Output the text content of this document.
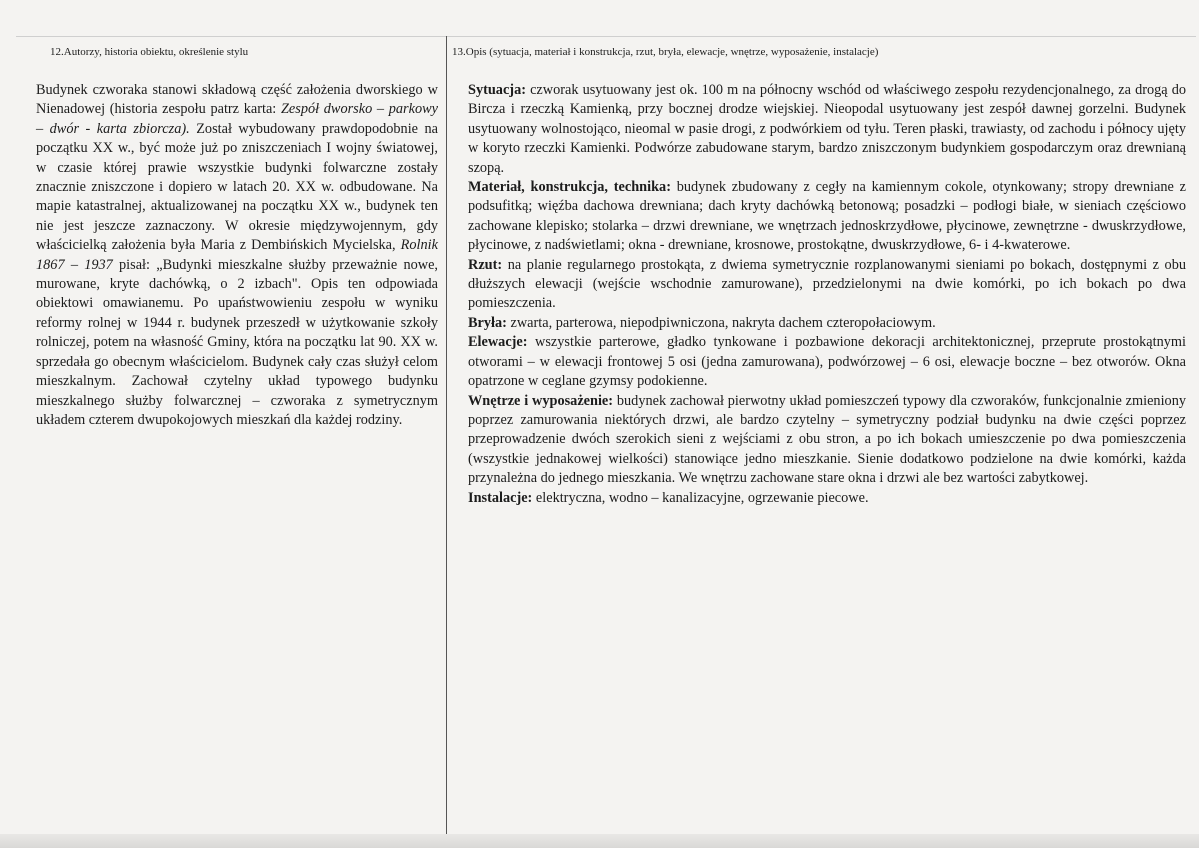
12.Autorzy, historia obiektu, określenie stylu	13.Opis (sytuacja, materiał i konstrukcja, rzut, bryła, elewacje, wnętrze, wyposażenie, instalacje)

Budynek czworaka stanowi składową część założenia dworskiego w Nienadowej (historia zespołu patrz karta: Zespół dworsko – parkowy – dwór - karta zbiorcza). Został wybudowany prawdopodobnie na początku XX w., być może już po zniszczeniach I wojny światowej, w czasie której prawie wszystkie budynki folwarczne zostały znacznie zniszczone i dopiero w latach 20. XX w. odbudowane. Na mapie katastralnej, aktualizowanej na początku XX w., budynek ten nie jest jeszcze zaznaczony. W okresie międzywojennym, gdy właścicielką założenia była Maria z Dembińskich Mycielska, Rolnik 1867 – 1937 pisał: „Budynki mieszkalne służby przeważnie nowe, murowane, kryte dachówką, o 2 izbach". Opis ten odpowiada obiektowi omawianemu. Po upaństwowieniu zespołu w wyniku reformy rolnej w 1944 r. budynek przeszedł w użytkowanie szkoły rolniczej, potem na własność Gminy, która na początku lat 90. XX w. sprzedała go obecnym właścicielom. Budynek cały czas służył celom mieszkalnym. Zachował czytelny układ typowego budynku mieszkalnego służby folwarcznej – czworaka z symetrycznym układem czterem dwupokojowych mieszkań dla każdej rodziny.

Sytuacja: czworak usytuowany jest ok. 100 m na północny wschód od właściwego zespołu rezydencjonalnego, za drogą do Bircza i rzeczką Kamienką, przy bocznej drodze wiejskiej. Nieopodal usytuowany jest zespół dawnej gorzelni. Budynek usytuowany wolnostojąco, nieomal w pasie drogi, z podwórkiem od tyłu. Teren płaski, trawiasty, od zachodu i północy ujęty w koryto rzeczki Kamienki. Podwórze zabudowane starym, bardzo zniszczonym budynkiem gospodarczym oraz drewnianą szopą.

Materiał, konstrukcja, technika: budynek zbudowany z cegły na kamiennym cokole, otynkowany; stropy drewniane z podsufitką; więźba dachowa drewniana; dach kryty dachówką betonową; posadzki – podłogi białe, w sieniach częściowo zachowane klepisko; stolarka – drzwi drewniane, we wnętrzach jednoskrzydłowe, płycinowe, zewnętrzne - dwuskrzydłowe, płycinowe, z nadświetlami; okna - drewniane, krosnowe, prostokątne, dwuskrzydłowe, 6- i 4-kwaterowe.

Rzut: na planie regularnego prostokąta, z dwiema symetrycznie rozplanowanymi sieniami po bokach, dostępnymi z obu dłuższych elewacji (wejście wschodnie zamurowane), przedzielonymi na dwie komórki, po ich bokach po dwa pomieszczenia.

Bryła: zwarta, parterowa, niepodpiwniczona, nakryta dachem czteropołaciowym.

Elewacje: wszystkie parterowe, gładko tynkowane i pozbawione dekoracji architektonicznej, przeprute prostokątnymi otworami – w elewacji frontowej 5 osi (jedna zamurowana), podwórzowej – 6 osi, elewacje boczne – bez otworów. Okna opatrzone w ceglane gzymsy podokienne.

Wnętrze i wyposażenie: budynek zachował pierwotny układ pomieszczeń typowy dla czworaków, funkcjonalnie zmieniony poprzez zamurowania niektórych drzwi, ale bardzo czytelny – symetryczny podział budynku na dwie części poprzez przeprowadzenie dwóch szerokich sieni z wejściami z obu stron, a po ich bokach umieszczenie po dwa pomieszczenia (wszystkie jednakowej wielkości) stanowiące jedno mieszkanie. Sienie dodatkowo podzielone na dwie komórki, każda przynależna do jednego mieszkania. We wnętrzu zachowane stare okna i drzwi ale bez wartości zabytkowej.

Instalacje: elektryczna, wodno – kanalizacyjne, ogrzewanie piecowe.
